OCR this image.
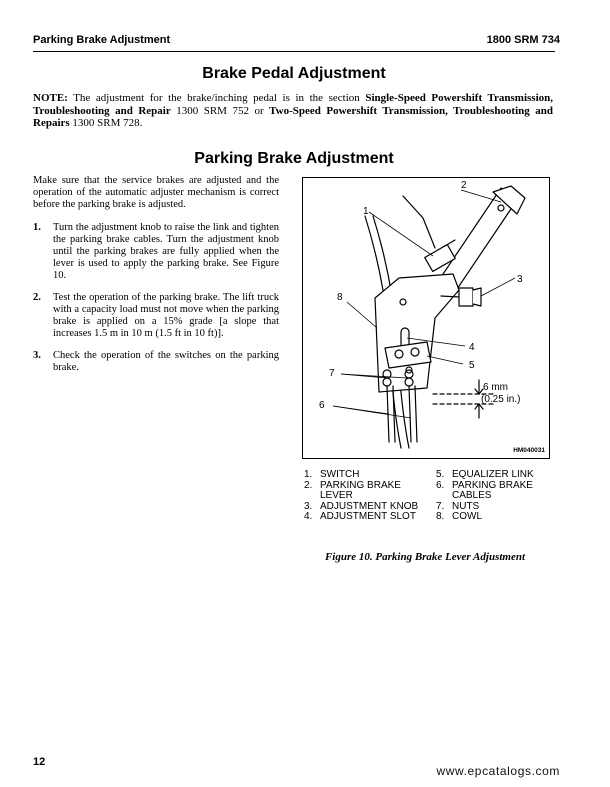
Parking Brake Adjustment	1800 SRM 734
Brake Pedal Adjustment
NOTE: The adjustment for the brake/inching pedal is in the section Single-Speed Powershift Transmission, Troubleshooting and Repair 1300 SRM 752 or Two-Speed Powershift Transmission, Troubleshooting and Repairs 1300 SRM 728.
Parking Brake Adjustment
Make sure that the service brakes are adjusted and the operation of the automatic adjuster mechanism is correct before the parking brake is adjusted.
1.	Turn the adjustment knob to raise the link and tighten the parking brake cables. Turn the adjustment knob until the parking brakes are fully applied when the lever is used to apply the parking brake. See Figure 10.
2.	Test the operation of the parking brake. The lift truck with a capacity load must not move when the parking brake is applied on a 15% grade [a slope that increases 1.5 m in 10 m (1.5 ft in 10 ft)].
3.	Check the operation of the switches on the parking brake.
1
2
3
4
5
6
7
8
6 mm
(0.25 in.)
HM040031
1. SWITCH
2. PARKING BRAKE LEVER
3. ADJUSTMENT KNOB
4. ADJUSTMENT SLOT
5. EQUALIZER LINK
6. PARKING BRAKE CABLES
7. NUTS
8. COWL
Figure 10. Parking Brake Lever Adjustment
12
www.epcatalogs.com
